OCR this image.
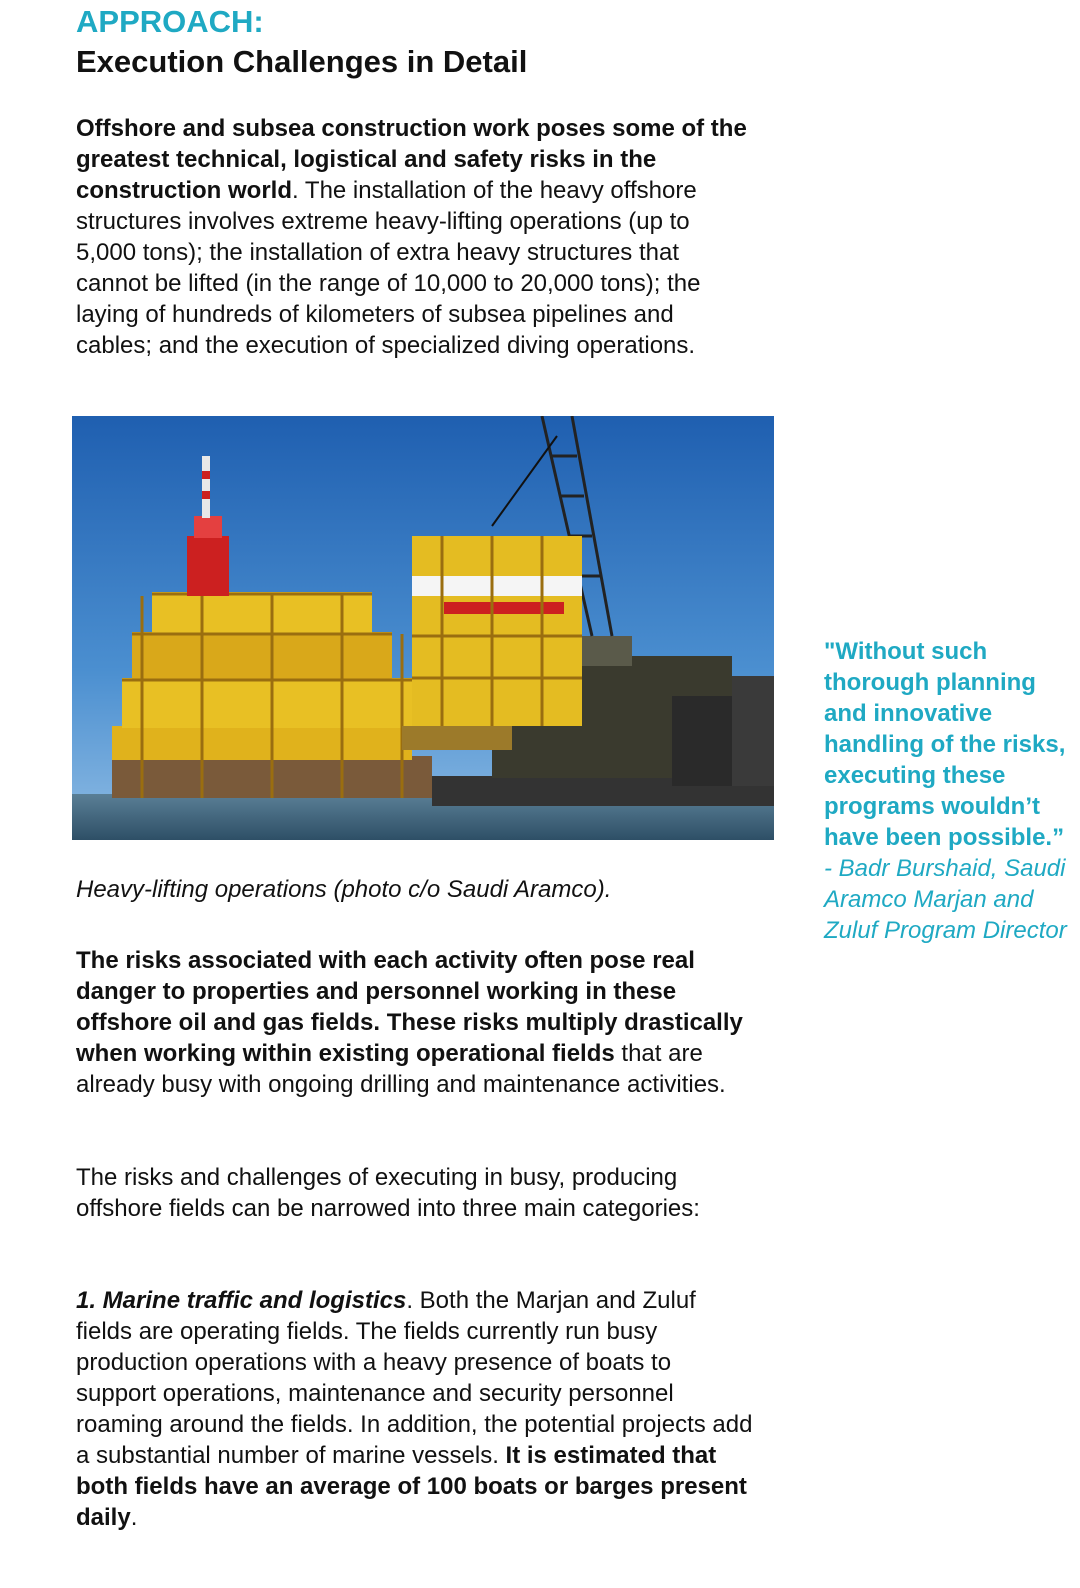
APPROACH:
Execution Challenges in Detail

Offshore and subsea construction work poses some of the greatest technical, logistical and safety risks in the construction world. The installation of the heavy offshore structures involves extreme heavy-lifting operations (up to 5,000 tons); the installation of extra heavy structures that cannot be lifted (in the range of 10,000 to 20,000 tons); the laying of hundreds of kilometers of subsea pipelines and cables; and the execution of specialized diving operations.

Heavy-lifting operations (photo c/o Saudi Aramco).

The risks associated with each activity often pose real danger to properties and personnel working in these offshore oil and gas fields. These risks multiply drastically when working within existing operational fields that are already busy with ongoing drilling and maintenance activities.

The risks and challenges of executing in busy, producing offshore fields can be narrowed into three main categories:

1. Marine traffic and logistics. Both the Marjan and Zuluf fields are operating fields. The fields currently run busy production operations with a heavy presence of boats to support operations, maintenance and security personnel roaming around the fields. In addition, the potential projects add a substantial number of marine vessels. It is estimated that both fields have an average of 100 boats or barges present daily.

"Without such thorough planning and innovative handling of the risks, executing these programs wouldn’t have been possible.”

- Badr Burshaid, Saudi Aramco Marjan and Zuluf Program Director
